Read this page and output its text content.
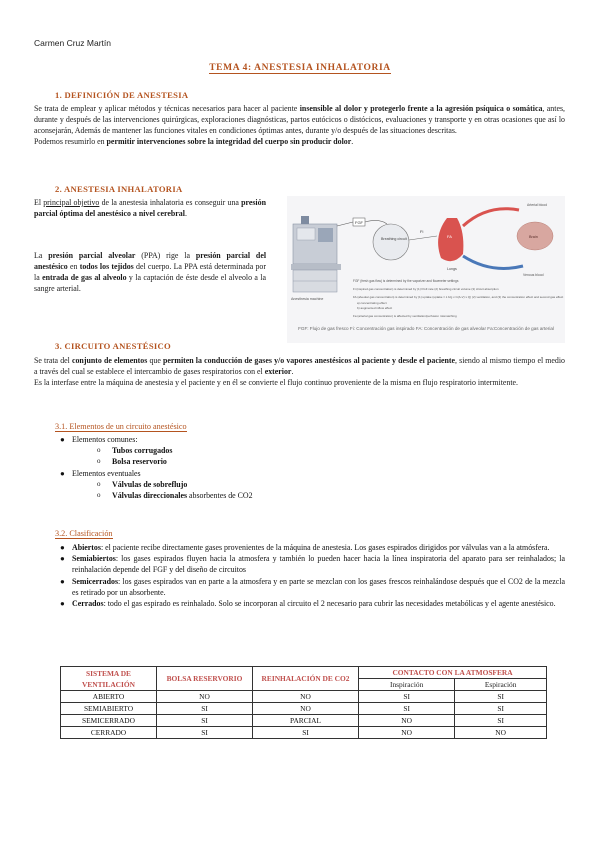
Carmen Cruz Martín
TEMA 4: ANESTESIA INHALATORIA
1. DEFINICIÓN DE ANESTESIA
Se trata de emplear y aplicar métodos y técnicas necesarios para hacer al paciente insensible al dolor y protegerlo frente a la agresión psíquica o somática, antes, durante y después de las intervenciones quirúrgicas, exploraciones diagnósticas, partos eutócicos o distócicos, evaluaciones y transporte y en otras ocasiones que así lo aconsejarán, Además de mantener las funciones vitales en condiciones óptimas antes, durante y/o después de las situaciones descritas.
Podemos resumirlo en permitir intervenciones sobre la integridad del cuerpo sin producir dolor.
2. ANESTESIA INHALATORIA
El principal objetivo de la anestesia inhalatoria es conseguir una presión parcial óptima del anestésico a nivel cerebral.
La presión parcial alveolar (PPA) rige la presión parcial del anestésico en todos los tejidos del cuerpo. La PPA está determinada por la entrada de gas al alveolo y la captación de éste desde el alveolo a la sangre arterial.
Anesthesia machine
FGF
Breathing circuit
Fi
Lungs
FA
Arterial blood
Venous blood
Brain
FGF (fresh gas flow) is determined by the vaporizer and flowmeter settings
Fi (inspired gas concentration) is determined by (1) FGF rate (2) breathing circuit volume (3) circuit absorption
FA (alveolar gas concentration) is determined by (1) uptake (uptake = λ b/g x C(A-V) x Q) (2) ventilation, and (3) the concentration effect and second gas effect
a) concentrating effect
b) augmented inflow effect
Fa (arterial gas concentration) is affected by ventilation/perfusion mismatching
FGF: Flujo de gas fresco Fi: Concentración gas inspirado FA: Concentración de gas alveolar Fa:Concentración de gas arterial
3. CIRCUITO ANESTÉSICO
Se trata del conjunto de elementos que permiten la conducción de gases y/o vapores anestésicos al paciente y desde el paciente, siendo al mismo tiempo el medio a través del cual se establece el intercambio de gases respiratorios con el exterior.
Es la interfase entre la máquina de anestesia y el paciente y en él se convierte el flujo continuo proveniente de la misma en flujo respiratorio intermitente.
3.1. Elementos de un circuito anestésico
● Elementos comunes:
o Tubos corrugados
o Bolsa reservorio
● Elementos eventuales
o Válvulas de sobreflujo
o Válvulas direccionales absorbentes de CO2
3.2. Clasificación
● Abiertos: el paciente recibe directamente gases provenientes de la máquina de anestesia. Los gases espirados dirigidos por válvulas van a la atmósfera.
● Semiabiertos: los gases espirados fluyen hacia la atmosfera y también lo pueden hacer hacia la línea inspiratoria del aparato para ser reinhalados; la reinhalación depende del FGF y del diseño de circuitos
● Semicerrados: los gases espirados van en parte a la atmosfera y en parte se mezclan con los gases frescos reinhalándose después que el CO2 de la mezcla es retirado por un absorbente.
● Cerrados: todo el gas espirado es reinhalado. Solo se incorporan al circuito el 2 necesario para cubrir las necesidades metabólicas y el agente anestésico.
SISTEMA DE VENTILACIÓN	BOLSA RESERVORIO	REINHALACIÓN DE CO2	CONTACTO CON LA ATMOSFERA	
			Inspiración	Espiración
ABIERTO	NO	NO	SI	SI
SEMIABIERTO	SI	NO	SI	SI
SEMICERRADO	SI	PARCIAL	NO	SI
CERRADO	SI	SI	NO	NO
